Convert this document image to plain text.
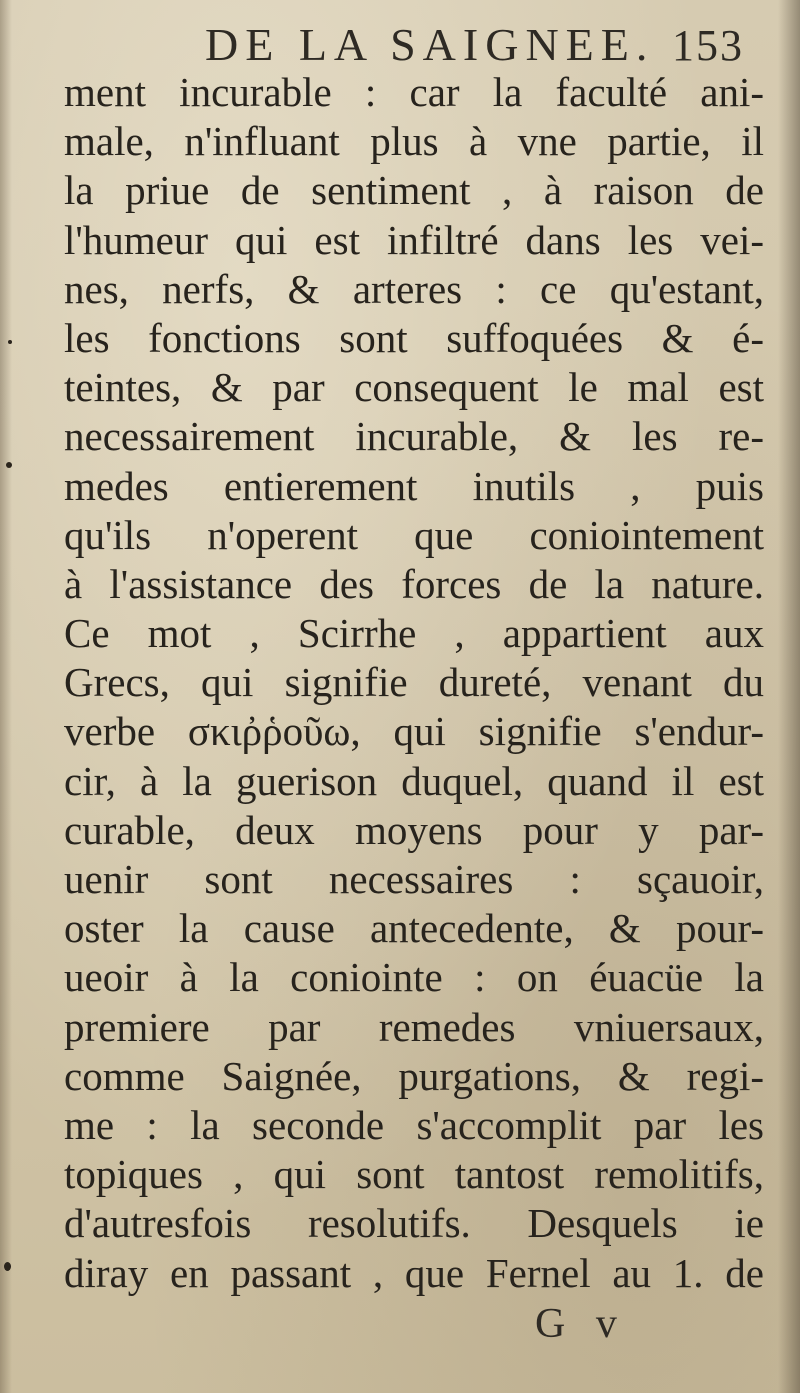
DE LA SAIGNEE. 153
ment incurable : car la faculté ani-
male, n'influant plus à vne partie, il
la priue de sentiment , à raison de
l'humeur qui est infiltré dans les vei-
nes, nerfs, & arteres : ce qu'estant,
les fonctions sont suffoquées & é-
teintes, & par consequent le mal est
necessairement incurable, & les re-
medes entierement inutils , puis
qu'ils n'operent que coniointement
à l'assistance des forces de la nature.
Ce mot , Scirrhe , appartient aux
Grecs, qui signifie dureté, venant du
verbe σκιῤῥοῦω, qui signifie s'endur-
cir, à la guerison duquel, quand il est
curable, deux moyens pour y par-
uenir sont necessaires : sçauoir,
oster la cause antecedente, & pour-
ueoir à la coniointe : on éuacüe la
premiere par remedes vniuersaux,
comme Saignée, purgations, & regi-
me : la seconde s'accomplit par les
topiques , qui sont tantost remolitifs,
d'autresfois resolutifs. Desquels ie
diray en passant , que Fernel au 1. de
G v
